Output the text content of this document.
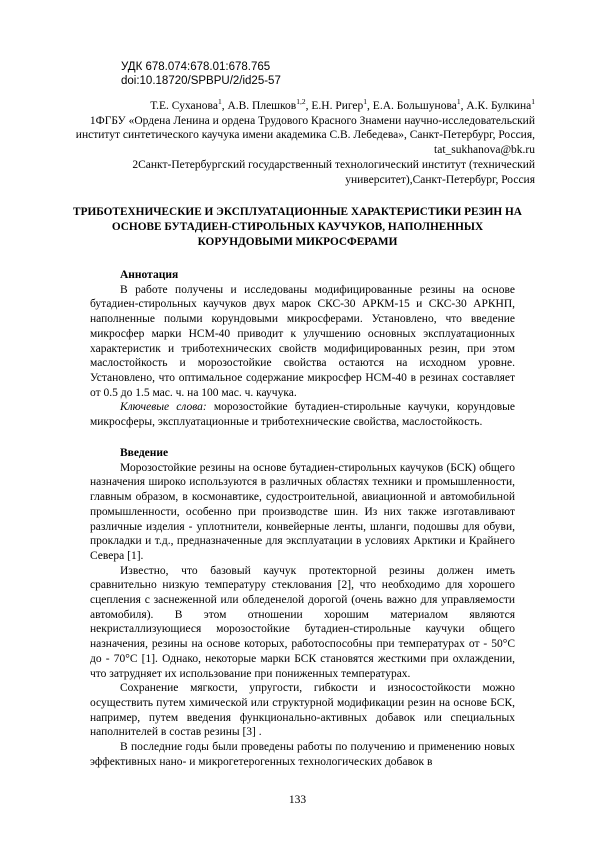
УДК 678.074:678.01:678.765
doi:10.18720/SPBPU/2/id25-57
Т.Е. Суханова$^1$, А.В. Плешков$^{1,2}$, Е.Н. Ригер$^1$, Е.А. Большунова$^1$, А.К. Булкина$^1$
1ФГБУ «Ордена Ленина и ордена Трудового Красного Знамени научно-исследовательский институт синтетического каучука имени академика С.В. Лебедева», Санкт-Петербург, Россия, tat_sukhanova@bk.ru
2Санкт-Петербургский государственный технологический институт (технический университет),Санкт-Петербург, Россия
ТРИБОТЕХНИЧЕСКИЕ И ЭКСПЛУАТАЦИОННЫЕ ХАРАКТЕРИСТИКИ РЕЗИН НА ОСНОВЕ БУТАДИЕН-СТИРОЛЬНЫХ КАУЧУКОВ, НАПОЛНЕННЫХ КОРУНДОВЫМИ МИКРОСФЕРАМИ
Аннотация

В работе получены и исследованы модифицированные резины на основе бутадиен-стирольных каучуков двух марок СКС-30 АРКМ-15 и СКС-30 АРКНП, наполненные полыми корундовыми микросферами. Установлено, что введение микросфер марки НСМ-40 приводит к улучшению основных эксплуатационных характеристик и триботехнических свойств модифицированных резин, при этом маслостойкость и морозостойкие свойства остаются на исходном уровне. Установлено, что оптимальное содержание микросфер НСМ-40 в резинах составляет от 0.5 до 1.5 мас. ч. на 100 мас. ч. каучука.

Ключевые слова: морозостойкие бутадиен-стирольные каучуки, корундовые микросферы, эксплуатационные и триботехнические свойства, маслостойкость.

Введение

Морозостойкие резины на основе бутадиен-стирольных каучуков (БСК) общего назначения широко используются в различных областях техники и промышленности, главным образом, в космонавтике, судостроительной, авиационной и автомобильной промышленности, особенно при производстве шин. Из них также изготавливают различные изделия - уплотнители, конвейерные ленты, шланги, подошвы для обуви, прокладки и т.д., предназначенные для эксплуатации в условиях Арктики и Крайнего Севера [1].

Известно, что базовый каучук протекторной резины должен иметь сравнительно низкую температуру стеклования [2], что необходимо для хорошего сцепления с заснеженной или обледенелой дорогой (очень важно для управляемости автомобиля). В этом отношении хорошим материалом являются некристаллизующиеся морозостойкие бутадиен-стирольные каучуки общего назначения, резины на основе которых, работоспособны при температурах от - 50°С до - 70°С [1]. Однако, некоторые марки БСК становятся жесткими при охлаждении, что затрудняет их использование при пониженных температурах.

Сохранение мягкости, упругости, гибкости и износостойкости можно осуществить путем химической или структурной модификации резин на основе БСК, например, путем введения функционально-активных добавок или специальных наполнителей в состав резины [3] .

В последние годы были проведены работы по получению и применению новых эффективных нано- и микрогетерогенных технологических добавок в

133
